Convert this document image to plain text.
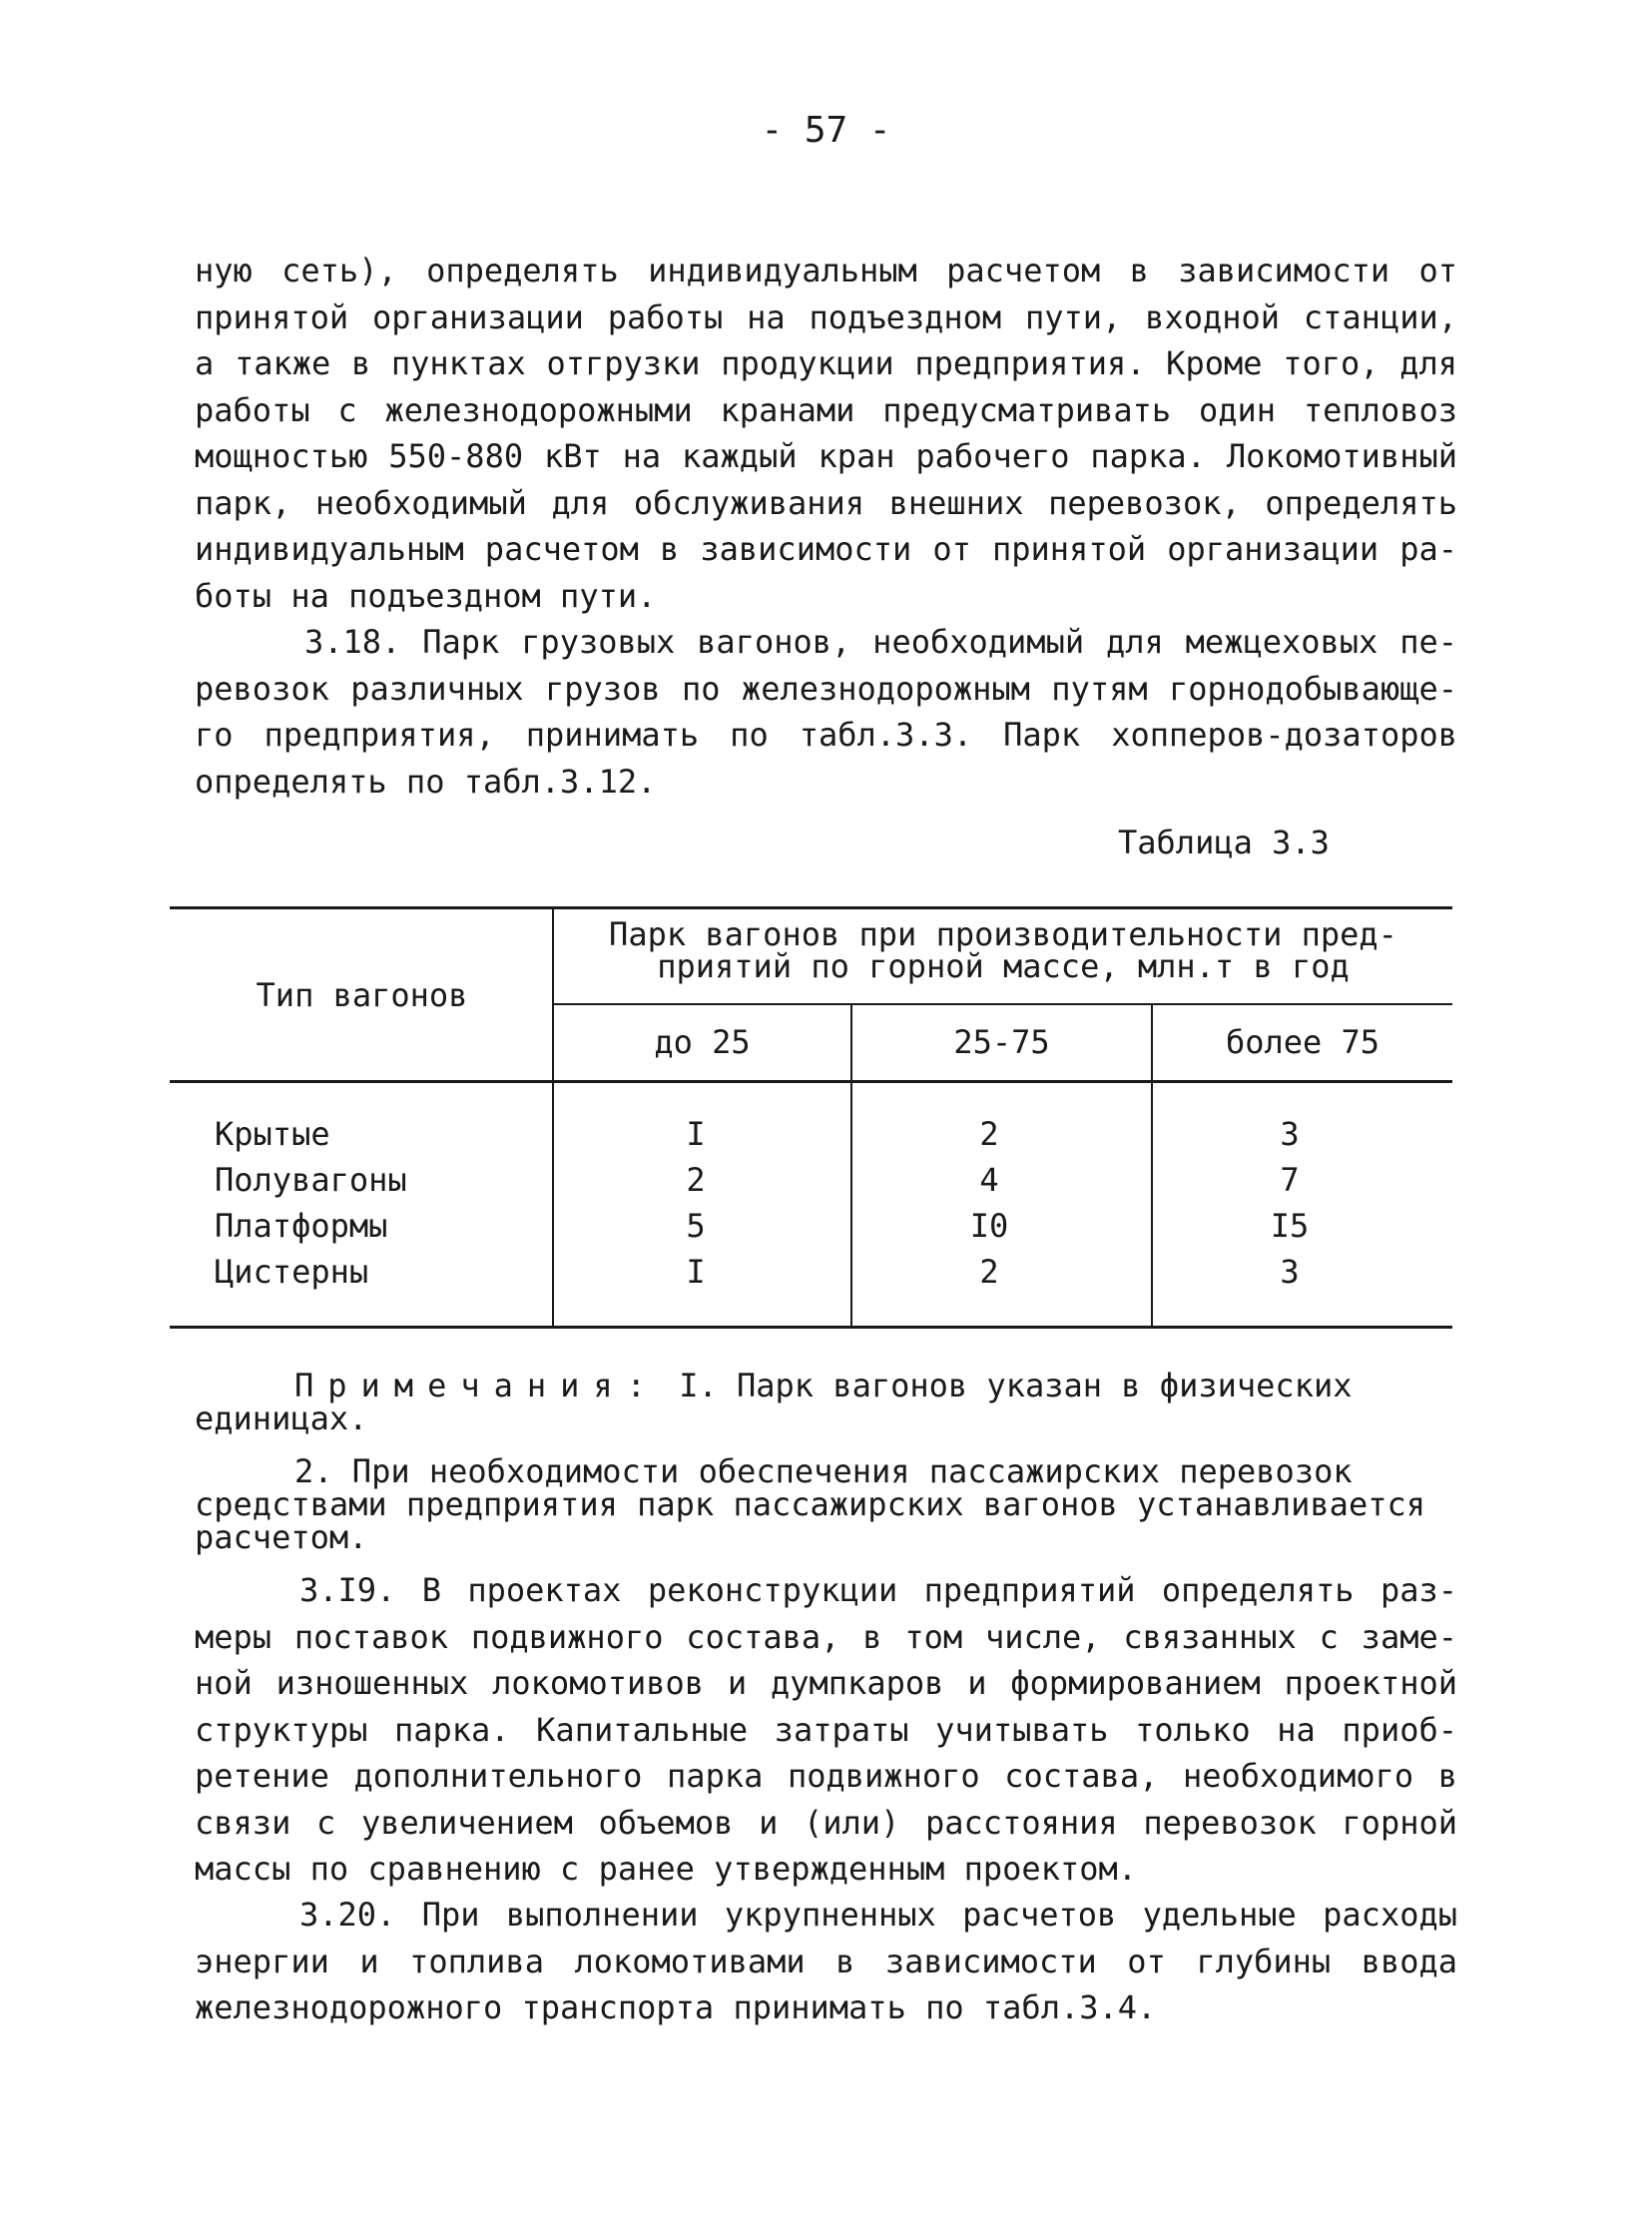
- 57 -
ную сеть), определять индивидуальным расчетом в зависимости от
принятой организации работы на подъездном пути, входной станции,
а также в пунктах отгрузки продукции предприятия. Кроме того, для
работы с железнодорожными кранами предусматривать один тепловоз
мощностью 550-880 кВт на каждый кран рабочего парка. Локомотивный
парк, необходимый для обслуживания внешних перевозок, определять
индивидуальным расчетом в зависимости от принятой организации ра-
боты на подъездном пути.
3.18. Парк грузовых вагонов, необходимый для межцеховых пе-
ревозок различных грузов по железнодорожным путям горнодобывающе-
го предприятия, принимать по табл.3.3. Парк хопперов-дозаторов
определять по табл.3.12.
Таблица 3.3
Тип вагонов
Парк вагонов при производительности пред-
приятий по горной массе, млн.т в год
до 25	25-75	более 75
Крытые
Полувагоны
Платформы
Цистерны
I
2
5
I
2
4
I0
2
3
7
I5
3
Примечания: I. Парк вагонов указан в физических
единицах.
2. При необходимости обеспечения пассажирских перевозок
средствами предприятия парк пассажирских вагонов устанавливается
расчетом.
3.I9. В проектах реконструкции предприятий определять раз-
меры поставок подвижного состава, в том числе, связанных с заме-
ной изношенных локомотивов и думпкаров и формированием проектной
структуры парка. Капитальные затраты учитывать только на приоб-
ретение дополнительного парка подвижного состава, необходимого в
связи с увеличением объемов и (или) расстояния перевозок горной
массы по сравнению с ранее утвержденным проектом.
3.20. При выполнении укрупненных расчетов удельные расходы
энергии и топлива локомотивами в зависимости от глубины ввода
железнодорожного транспорта принимать по табл.3.4.
